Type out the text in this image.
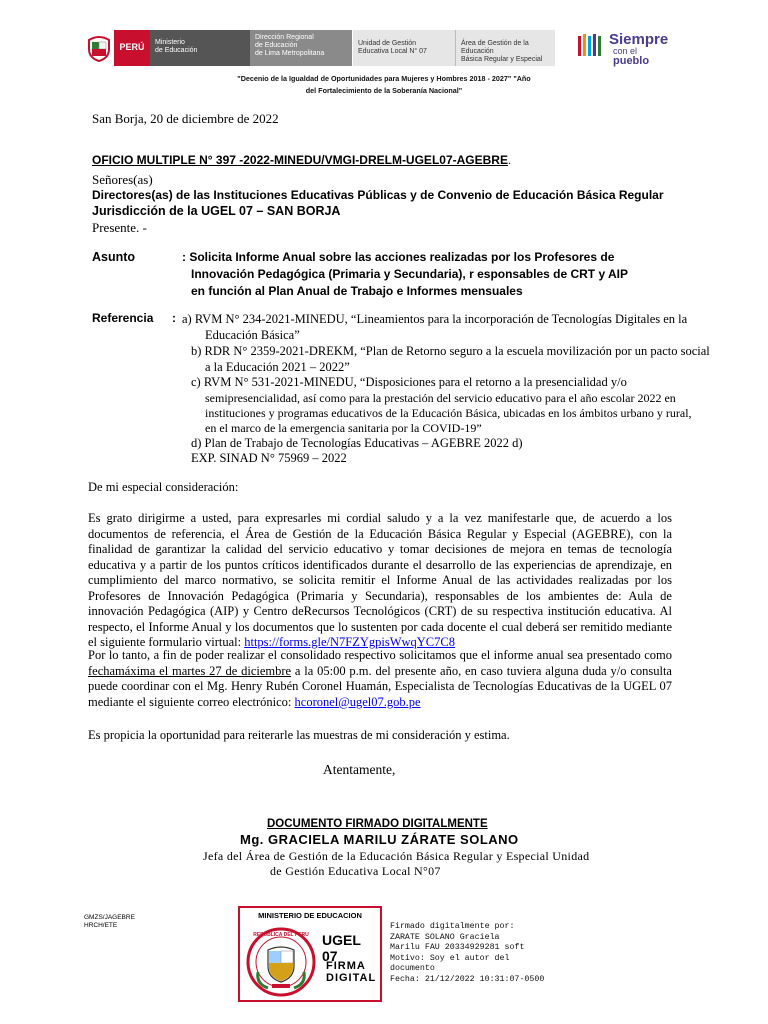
PERÚ	Ministerio
de Educación
Dirección Regional
de Educación
de Lima Metropolitana
Unidad de Gestión
Educativa Local N° 07
Área de Gestión de la Educación
Básica Regular y Especial
Siempre
con el pueblo
"Decenio de la Igualdad de Oportunidades para Mujeres y Hombres 2018 - 2027" "Año
del Fortalecimiento de la Soberanía Nacional"
San Borja, 20 de diciembre de 2022
OFICIO MULTIPLE N° 397 -2022-MINEDU/VMGI-DRELM-UGEL07-AGEBRE.
Señores(as)
Directores(as) de las Instituciones Educativas Públicas y de Convenio de Educación Básica Regular
Jurisdicción de la UGEL 07 – SAN BORJA
Presente. -
Asunto	: Solicita Informe Anual sobre las acciones realizadas por los Profesores de
Innovación Pedagógica (Primaria y Secundaria), r esponsables de CRT y AIP
en función al Plan Anual de Trabajo e Informes mensuales
Referencia : a) RVM N° 234-2021-MINEDU, “Lineamientos para la incorporación de Tecnologías Digitales en la
Educación Básica”
b) RDR N° 2359-2021-DREKM, “Plan de Retorno seguro a la escuela movilización por un pacto social
a la Educación 2021 – 2022”
c) RVM N° 531-2021-MINEDU, “Disposiciones para el retorno a la presencialidad y/o
semipresencialidad, así como para la prestación del servicio educativo para el año escolar 2022 en
instituciones y programas educativos de la Educación Básica, ubicadas en los ámbitos urbano y rural,
en el marco de la emergencia sanitaria por la COVID-19”
d) Plan de Trabajo de Tecnologías Educativas – AGEBRE 2022 d)
EXP. SINAD N° 75969 – 2022
De mi especial consideración:
Es grato dirigirme a usted, para expresarles mi cordial saludo y a la vez manifestarle que, de acuerdo a los documentos de referencia, el Área de Gestión de la Educación Básica Regular y Especial (AGEBRE), con la finalidad de garantizar la calidad del servicio educativo y tomar decisiones de mejora en temas de tecnología educativa y a partir de los puntos críticos identificados durante el desarrollo de las experiencias de aprendizaje, en cumplimiento del marco normativo, se solicita remitir el Informe Anual de las actividades realizadas por los Profesores de Innovación Pedagógica (Primaria y Secundaria), responsables de los ambientes de: Aula de innovación Pedagógica (AIP) y Centro deRecursos Tecnológicos (CRT) de su respectiva institución educativa. Al respecto, el Informe Anual y los documentos que lo sustenten por cada docente el cual deberá ser remitido mediante el siguiente formulario virtual: https://forms.gle/N7FZYgpisWwqYC7C8
Por lo tanto, a fin de poder realizar el consolidado respectivo solicitamos que el informe anual sea presentado como fechamáxima el martes 27 de diciembre a la 05:00 p.m. del presente año, en caso tuviera alguna duda y/o consulta puede coordinar con el Mg. Henry Rubén Coronel Huamán, Especialista de Tecnologías Educativas de la UGEL 07 mediante el siguiente correo electrónico: hcoronel@ugel07.gob.pe
Es propicia la oportunidad para reiterarle las muestras de mi consideración y estima.
Atentamente,
DOCUMENTO FIRMADO DIGITALMENTE
Mg. GRACIELA MARILU ZÁRATE SOLANO
Jefa del Área de Gestión de la Educación Básica Regular y Especial Unidad
de Gestión Educativa Local N°07
GMZS/JAGEBRE
HRCH/ETE
MINISTERIO DE EDUCACION
REPUBLICA DEL PERU UGEL 07
FIRMA
DIGITAL
Firmado digitalmente por:
ZARATE SOLANO Graciela
Marilu FAU 20334929281 soft
Motivo: Soy el autor del
documento
Fecha: 21/12/2022 10:31:07-0500
